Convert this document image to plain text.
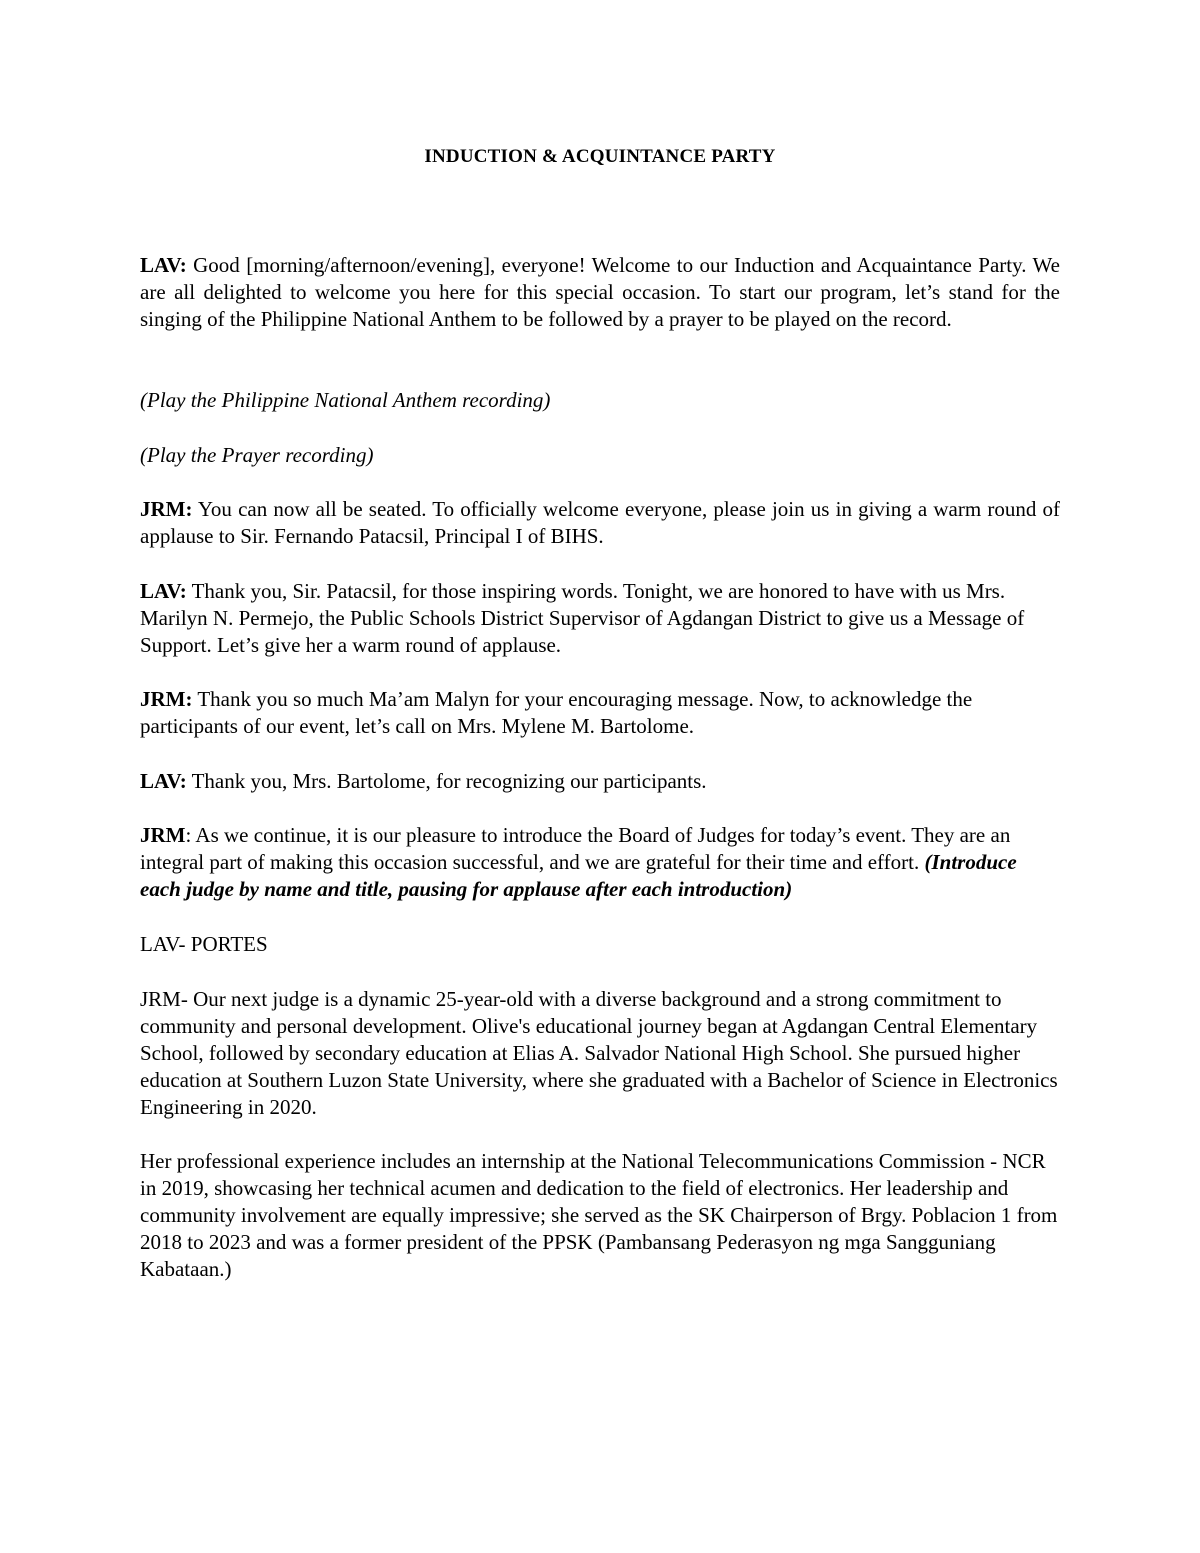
INDUCTION & ACQUINTANCE PARTY

LAV: Good [morning/afternoon/evening], everyone! Welcome to our Induction and Acquaintance Party. We are all delighted to welcome you here for this special occasion. To start our program, let’s stand for the singing of the Philippine National Anthem to be followed by a prayer to be played on the record.

(Play the Philippine National Anthem recording)

(Play the Prayer recording)

JRM: You can now all be seated. To officially welcome everyone, please join us in giving a warm round of applause to Sir. Fernando Patacsil, Principal I of BIHS.

LAV: Thank you, Sir. Patacsil, for those inspiring words. Tonight, we are honored to have with us Mrs. Marilyn N. Permejo, the Public Schools District Supervisor of Agdangan District to give us a Message of Support. Let’s give her a warm round of applause.

JRM: Thank you so much Ma’am Malyn for your encouraging message. Now, to acknowledge the participants of our event, let’s call on Mrs. Mylene M. Bartolome.

LAV: Thank you, Mrs. Bartolome, for recognizing our participants.

JRM: As we continue, it is our pleasure to introduce the Board of Judges for today’s event. They are an integral part of making this occasion successful, and we are grateful for their time and effort. (Introduce each judge by name and title, pausing for applause after each introduction)

LAV- PORTES

JRM- Our next judge is a dynamic 25-year-old with a diverse background and a strong commitment to community and personal development. Olive's educational journey began at Agdangan Central Elementary School, followed by secondary education at Elias A. Salvador National High School. She pursued higher education at Southern Luzon State University, where she graduated with a Bachelor of Science in Electronics Engineering in 2020.

Her professional experience includes an internship at the National Telecommunications Commission - NCR in 2019, showcasing her technical acumen and dedication to the field of electronics. Her leadership and community involvement are equally impressive; she served as the SK Chairperson of Brgy. Poblacion 1 from 2018 to 2023 and was a former president of the PPSK (Pambansang Pederasyon ng mga Sangguniang Kabataan.)
